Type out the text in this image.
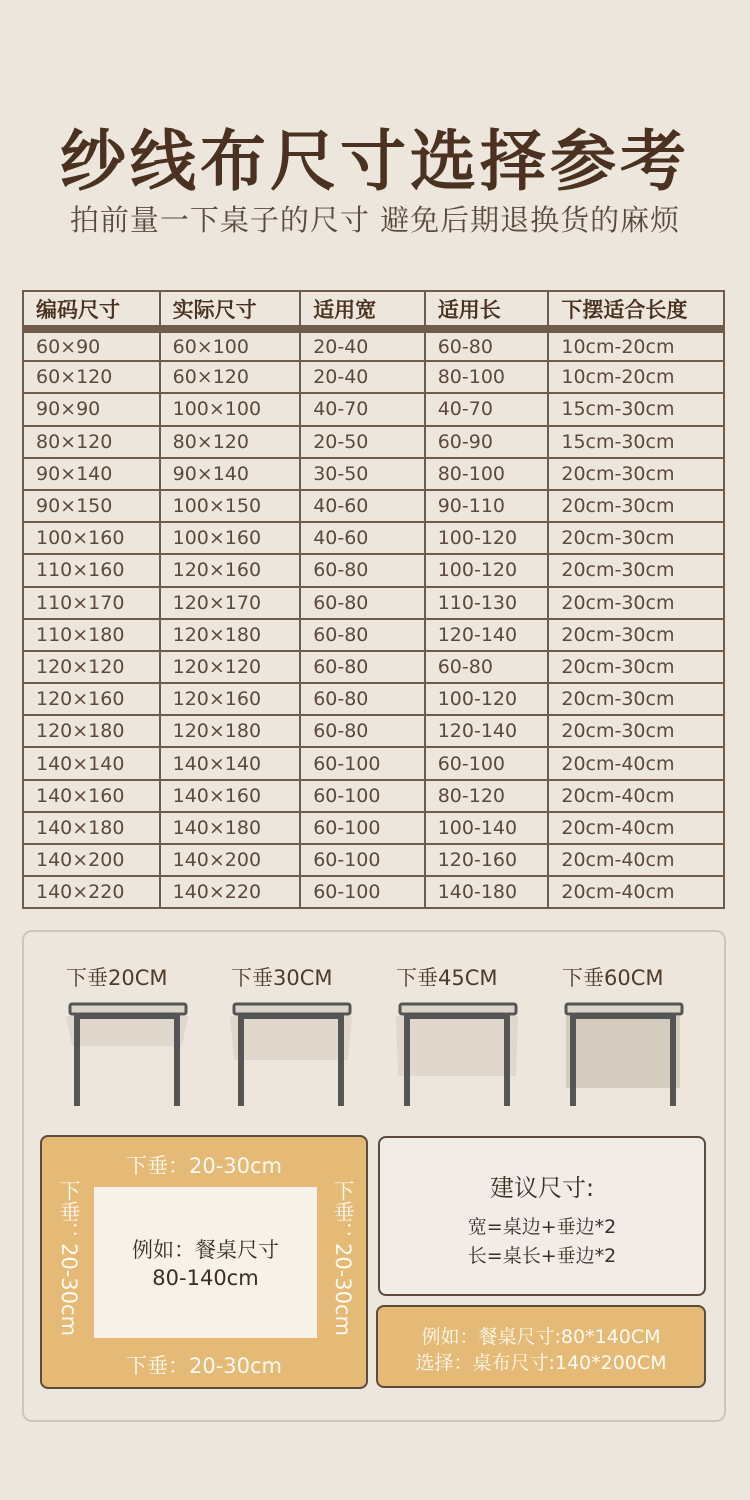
纱线布尺寸选择参考
拍前量一下桌子的尺寸 避免后期退换货的麻烦
编码尺寸	实际尺寸	适用宽	适用长	下摆适合长度
60×90	60×100	20-40	60-80	10cm-20cm
60×120	60×120	20-40	80-100	10cm-20cm
90×90	100×100	40-70	40-70	15cm-30cm
80×120	80×120	20-50	60-90	15cm-30cm
90×140	90×140	30-50	80-100	20cm-30cm
90×150	100×150	40-60	90-110	20cm-30cm
100×160	100×160	40-60	100-120	20cm-30cm
110×160	120×160	60-80	100-120	20cm-30cm
110×170	120×170	60-80	110-130	20cm-30cm
110×180	120×180	60-80	120-140	20cm-30cm
120×120	120×120	60-80	60-80	20cm-30cm
120×160	120×160	60-80	100-120	20cm-30cm
120×180	120×180	60-80	120-140	20cm-30cm
140×140	140×140	60-100	60-100	20cm-40cm
140×160	140×160	60-100	80-120	20cm-40cm
140×180	140×180	60-100	100-140	20cm-40cm
140×200	140×200	60-100	120-160	20cm-40cm
140×220	140×220	60-100	140-180	20cm-40cm
下垂20CM	下垂30CM	下垂45CM	下垂60CM
下垂：20-30cm
下垂：20-30cm
下垂：20-30cm	下垂：20-30cm
例如：餐桌尺寸
80-140cm
建议尺寸:
宽=桌边+垂边*2
长=桌长+垂边*2
例如：餐桌尺寸:80*140CM
选择：桌布尺寸:140*200CM
